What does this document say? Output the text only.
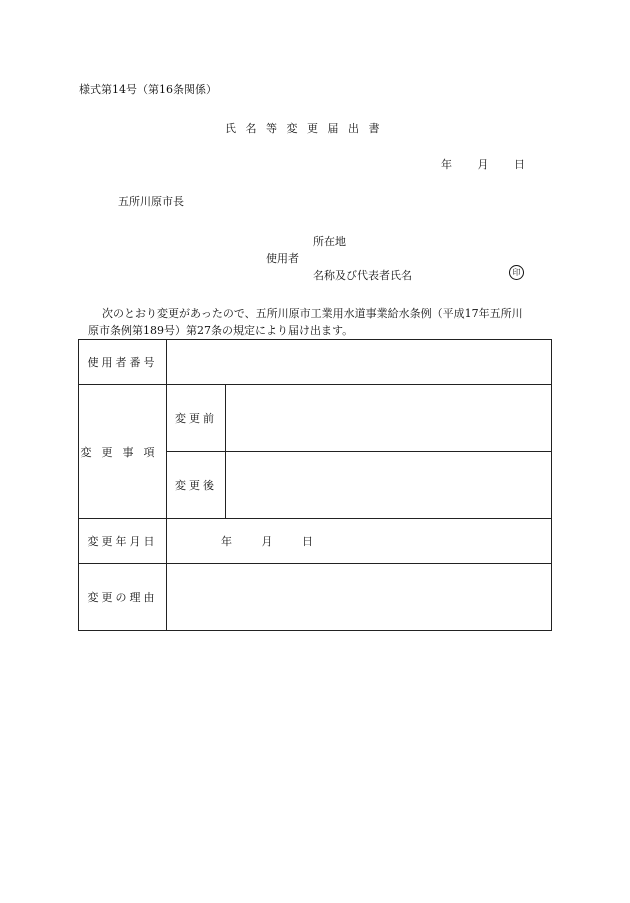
様式第14号（第16条関係）
氏名等変更届出書
年 月 日
五所川原市長
所在地
使用者
名称及び代表者氏名	印
次のとおり変更があったので、五所川原市工業用水道事業給水条例（平成17年五所川
原市条例第189号）第27条の規定により届け出ます。
使用者番号		
変更事項	変更前	
	変更後	
変更年月日	年 月 日	
変更の理由		
